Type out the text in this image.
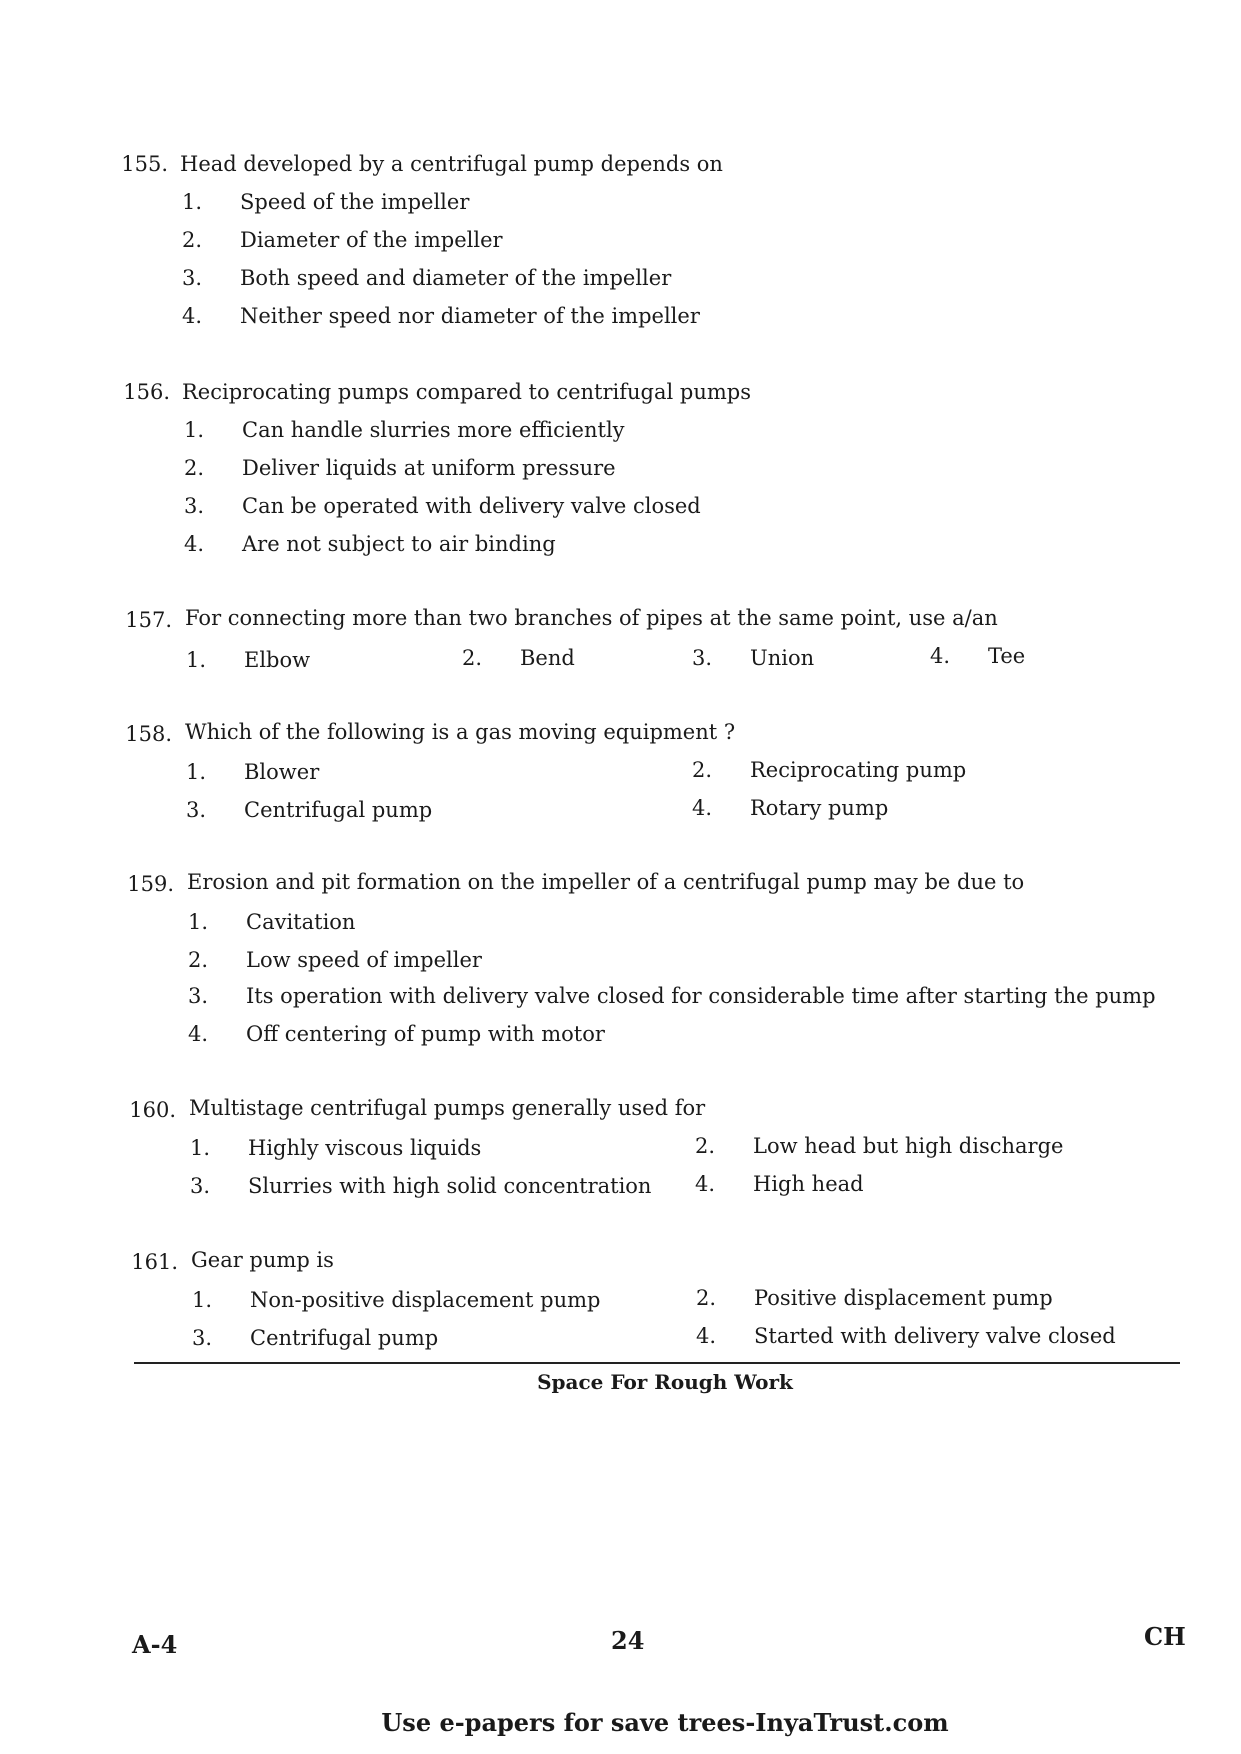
155. Head developed by a centrifugal pump depends on
1. Speed of the impeller
2. Diameter of the impeller
3. Both speed and diameter of the impeller
4. Neither speed nor diameter of the impeller
156. Reciprocating pumps compared to centrifugal pumps
1. Can handle slurries more efficiently
2. Deliver liquids at uniform pressure
3. Can be operated with delivery valve closed
4. Are not subject to air binding
157. For connecting more than two branches of pipes at the same point, use a/an
1. Elbow	2. Bend	3. Union	4. Tee
158. Which of the following is a gas moving equipment ?
1. Blower	2. Reciprocating pump
3. Centrifugal pump	4. Rotary pump
159. Erosion and pit formation on the impeller of a centrifugal pump may be due to
1. Cavitation
2. Low speed of impeller
3. Its operation with delivery valve closed for considerable time after starting the pump
4. Off centering of pump with motor
160. Multistage centrifugal pumps generally used for
1. Highly viscous liquids	2. Low head but high discharge
3. Slurries with high solid concentration 4. High head
161. Gear pump is
1. Non-positive displacement pump	2. Positive displacement pump
3. Centrifugal pump	4. Started with delivery valve closed
Space For Rough Work
A-4	24	CH
Use e-papers for save trees-InyaTrust.com
